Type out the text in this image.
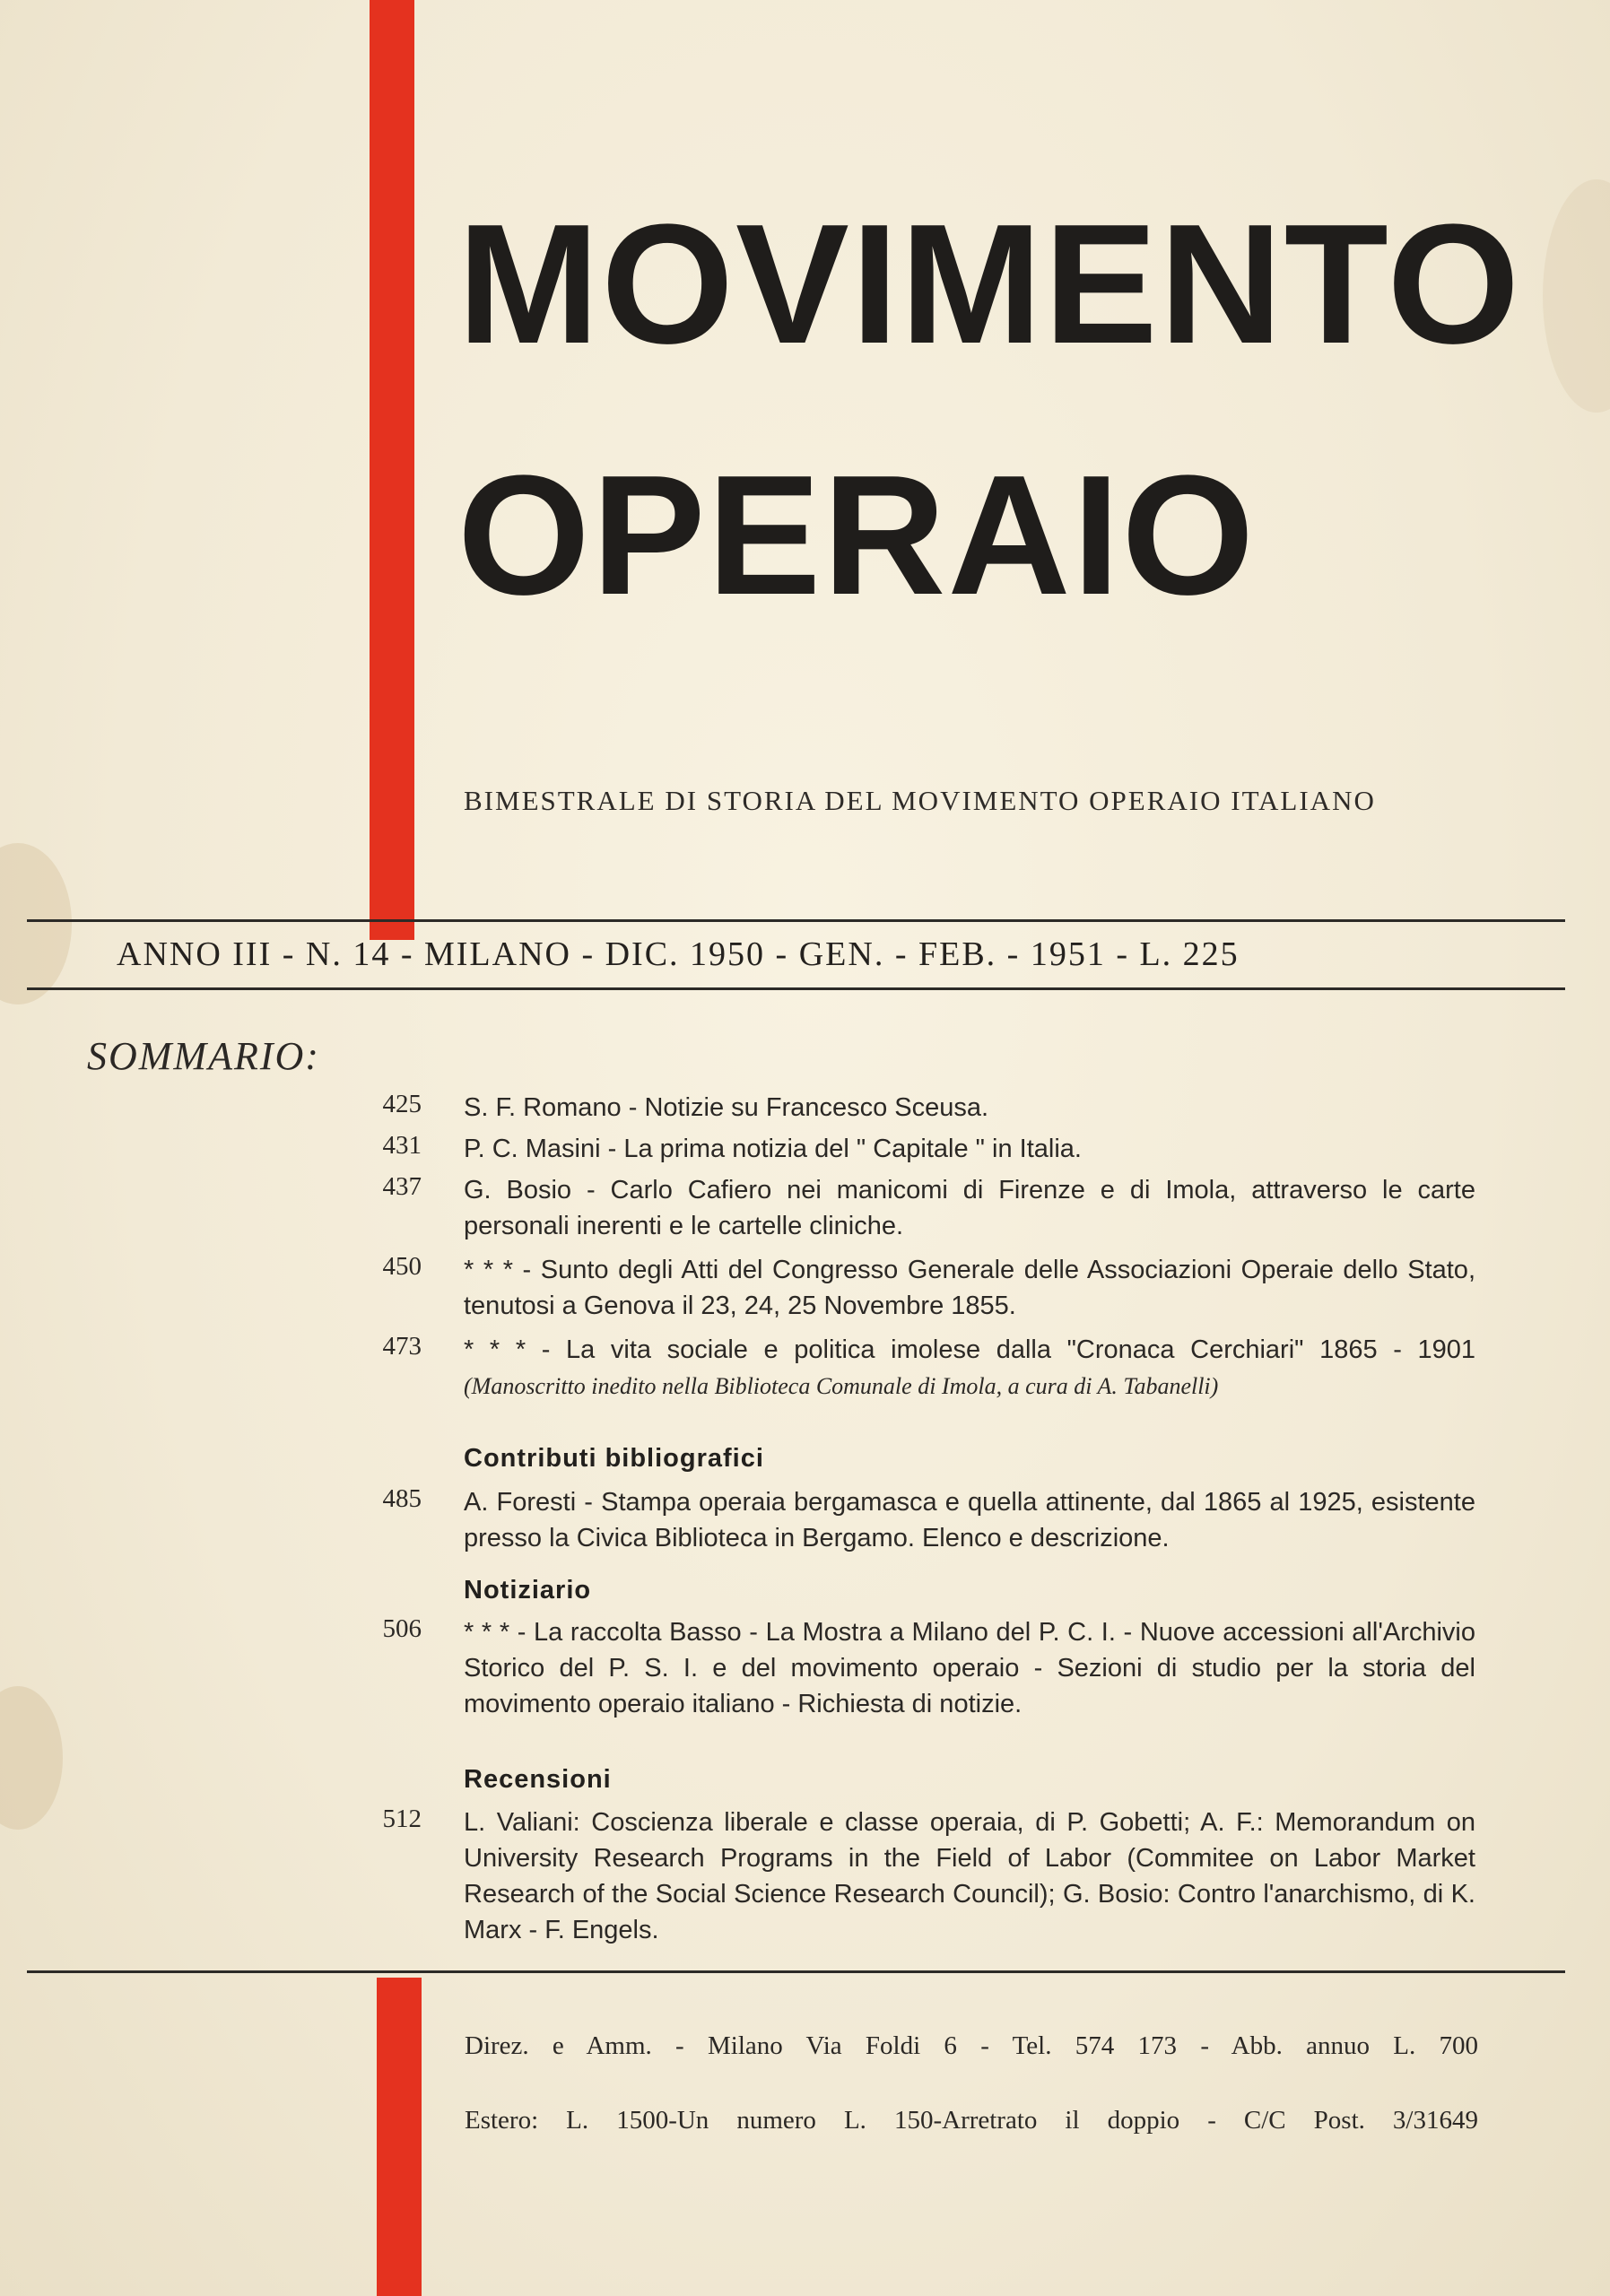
MOVIMENTO
OPERAIO
BIMESTRALE DI STORIA DEL MOVIMENTO OPERAIO ITALIANO
ANNO III - N. 14 - MILANO - DIC. 1950 - GEN. - FEB. - 1951 - L. 225
SOMMARIO:
425 S. F. Romano - Notizie su Francesco Sceusa.
431 P. C. Masini - La prima notizia del " Capitale " in Italia.
437 G. Bosio - Carlo Cafiero nei manicomi di Firenze e di Imola, attraverso le carte personali inerenti e le cartelle cliniche.
450 * * * - Sunto degli Atti del Congresso Generale delle Associazioni Operaie dello Stato, tenutosi a Genova il 23, 24, 25 Novembre 1855.
473 * * * - La vita sociale e politica imolese dalla "Cronaca Cerchiari" 1865 - 1901 (Manoscritto inedito nella Biblioteca Comunale di Imola, a cura di A. Tabanelli)
Contributi bibliografici
485 A. Foresti - Stampa operaia bergamasca e quella attinente, dal 1865 al 1925, esistente presso la Civica Biblioteca in Bergamo. Elenco e descrizione.
Notiziario
506 * * * - La raccolta Basso - La Mostra a Milano del P. C. I. - Nuove accessioni all'Archivio Storico del P. S. I. e del movimento operaio - Sezioni di studio per la storia del movimento operaio italiano - Richiesta di notizie.
Recensioni
512 L. Valiani: Coscienza liberale e classe operaia, di P. Gobetti; A. F.: Memorandum on University Research Programs in the Field of Labor (Commitee on Labor Market Research of the Social Science Research Council); G. Bosio: Contro l'anarchismo, di K. Marx - F. Engels.
Direz. e Amm. - Milano Via Foldi 6 - Tel. 574 173 - Abb. annuo L. 700
Estero: L. 1500-Un numero L. 150-Arretrato il doppio - C/C Post. 3/31649
